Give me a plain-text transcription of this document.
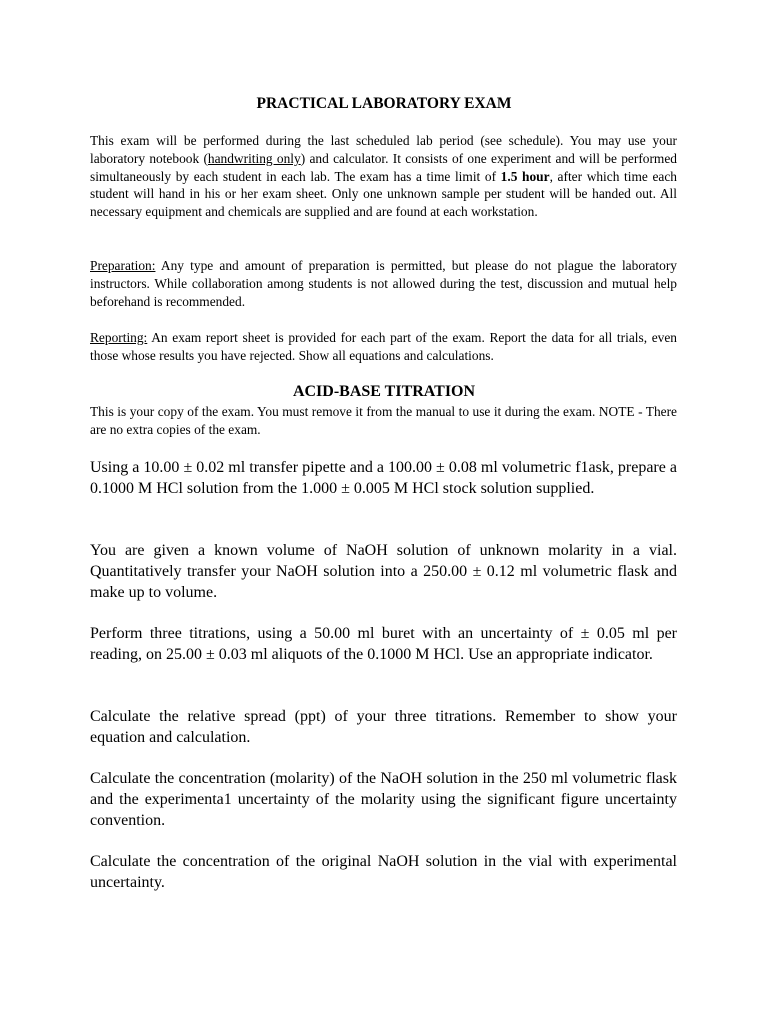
PRACTICAL LABORATORY EXAM

This exam will be performed during the last scheduled lab period (see schedule). You may use your laboratory notebook (handwriting only) and calculator. It consists of one experiment and will be performed simultaneously by each student in each lab. The exam has a time limit of 1.5 hour, after which time each student will hand in his or her exam sheet. Only one unknown sample per student will be handed out. All necessary equipment and chemicals are supplied and are found at each workstation.

Preparation: Any type and amount of preparation is permitted, but please do not plague the laboratory instructors. While collaboration among students is not allowed during the test, discussion and mutual help beforehand is recommended.

Reporting: An exam report sheet is provided for each part of the exam. Report the data for all trials, even those whose results you have rejected. Show all equations and calculations.

ACID-BASE TITRATION

This is your copy of the exam. You must remove it from the manual to use it during the exam. NOTE - There are no extra copies of the exam.

Using a 10.00 ± 0.02 ml transfer pipette and a 100.00 ± 0.08 ml volumetric f1ask, prepare a 0.1000 M HCl solution from the 1.000 ± 0.005 M HCl stock solution supplied.

You are given a known volume of NaOH solution of unknown molarity in a vial. Quantitatively transfer your NaOH solution into a 250.00 ± 0.12 ml volumetric flask and make up to volume.

Perform three titrations, using a 50.00 ml buret with an uncertainty of ± 0.05 ml per reading, on 25.00 ± 0.03 ml aliquots of the 0.1000 M HCl. Use an appropriate indicator.

Calculate the relative spread (ppt) of your three titrations. Remember to show your equation and calculation.

Calculate the concentration (molarity) of the NaOH solution in the 250 ml volumetric flask and the experimenta1 uncertainty of the molarity using the significant figure uncertainty convention.

Calculate the concentration of the original NaOH solution in the vial with experimental uncertainty.
